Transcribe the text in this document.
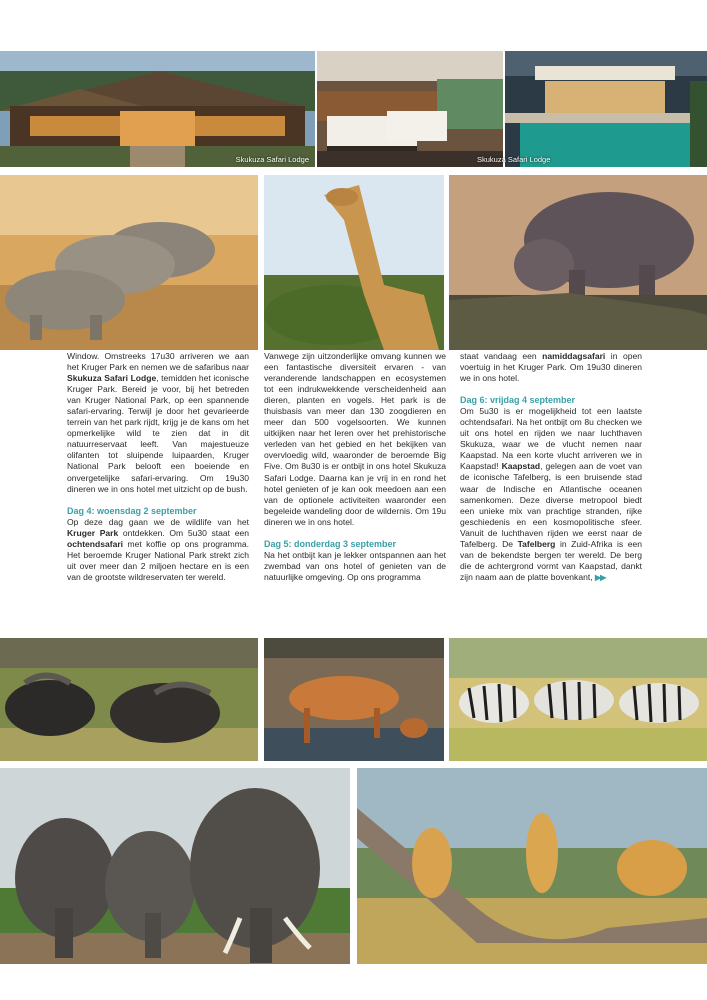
Skukuza Safari Lodge	Skukuza Safari Lodge

Window. Omstreeks 17u30 arriveren we aan het Kruger Park en nemen we de safaribus naar Skukuza Safari Lodge, temidden het iconische Kruger Park. Bereid je voor, bij het betreden van Kruger National Park, op een spannende safari-ervaring. Terwijl je door het gevarieerde terrein van het park rijdt, krijg je de kans om het opmerkelijke wild te zien dat in dit natuurreservaat leeft. Van majestueuze olifanten tot sluipende luipaarden, Kruger National Park belooft een boeiende en onvergetelijke safari-ervaring. Om 19u30 dineren we in ons hotel met uitzicht op de bush.

Dag 4: woensdag 2 september

Op deze dag gaan we de wildlife van het Kruger Park ontdekken. Om 5u30 staat een ochtendsafari met koffie op ons programma. Het beroemde Kruger National Park strekt zich uit over meer dan 2 miljoen hectare en is een van de grootste wildreservaten ter wereld.

Vanwege zijn uitzonderlijke omvang kunnen we een fantastische diversiteit ervaren - van veranderende landschappen en ecosystemen tot een indrukwekkende verscheidenheid aan dieren, planten en vogels. Het park is de thuisbasis van meer dan 130 zoogdieren en meer dan 500 vogelsoorten. We kunnen uitkijken naar het leren over het prehistorische verleden van het gebied en het bekijken van overvloedig wild, waaronder de beroemde Big Five. Om 8u30 is er ontbijt in ons hotel Skukuza Safari Lodge. Daarna kan je vrij in en rond het hotel genieten of je kan ook meedoen aan een van de optionele activiteiten waaronder een begeleide wandeling door de wildernis. Om 19u dineren we in ons hotel.

Dag 5: donderdag 3 september

Na het ontbijt kan je lekker ontspannen aan het zwembad van ons hotel of genieten van de natuurlijke omgeving. Op ons programma

staat vandaag een namiddagsafari in open voertuig in het Kruger Park. Om 19u30 dineren we in ons hotel.

Dag 6: vrijdag 4 september

Om 5u30 is er mogelijkheid tot een laatste ochtendsafari. Na het ontbijt om 8u checken we uit ons hotel en rijden we naar luchthaven Skukuza, waar we de vlucht nemen naar Kaapstad. Na een korte vlucht arriveren we in Kaapstad! Kaapstad, gelegen aan de voet van de iconische Tafelberg, is een bruisende stad waar de Indische en Atlantische oceanen samenkomen. Deze diverse metropool biedt een unieke mix van prachtige stranden, rijke geschiedenis en een kosmopolitische sfeer. Vanuit de luchthaven rijden we eerst naar de Tafelberg. De Tafelberg in Zuid-Afrika is een van de bekendste bergen ter wereld. De berg die de achtergrond vormt van Kaapstad, dankt zijn naam aan de platte bovenkant, ▶▶
